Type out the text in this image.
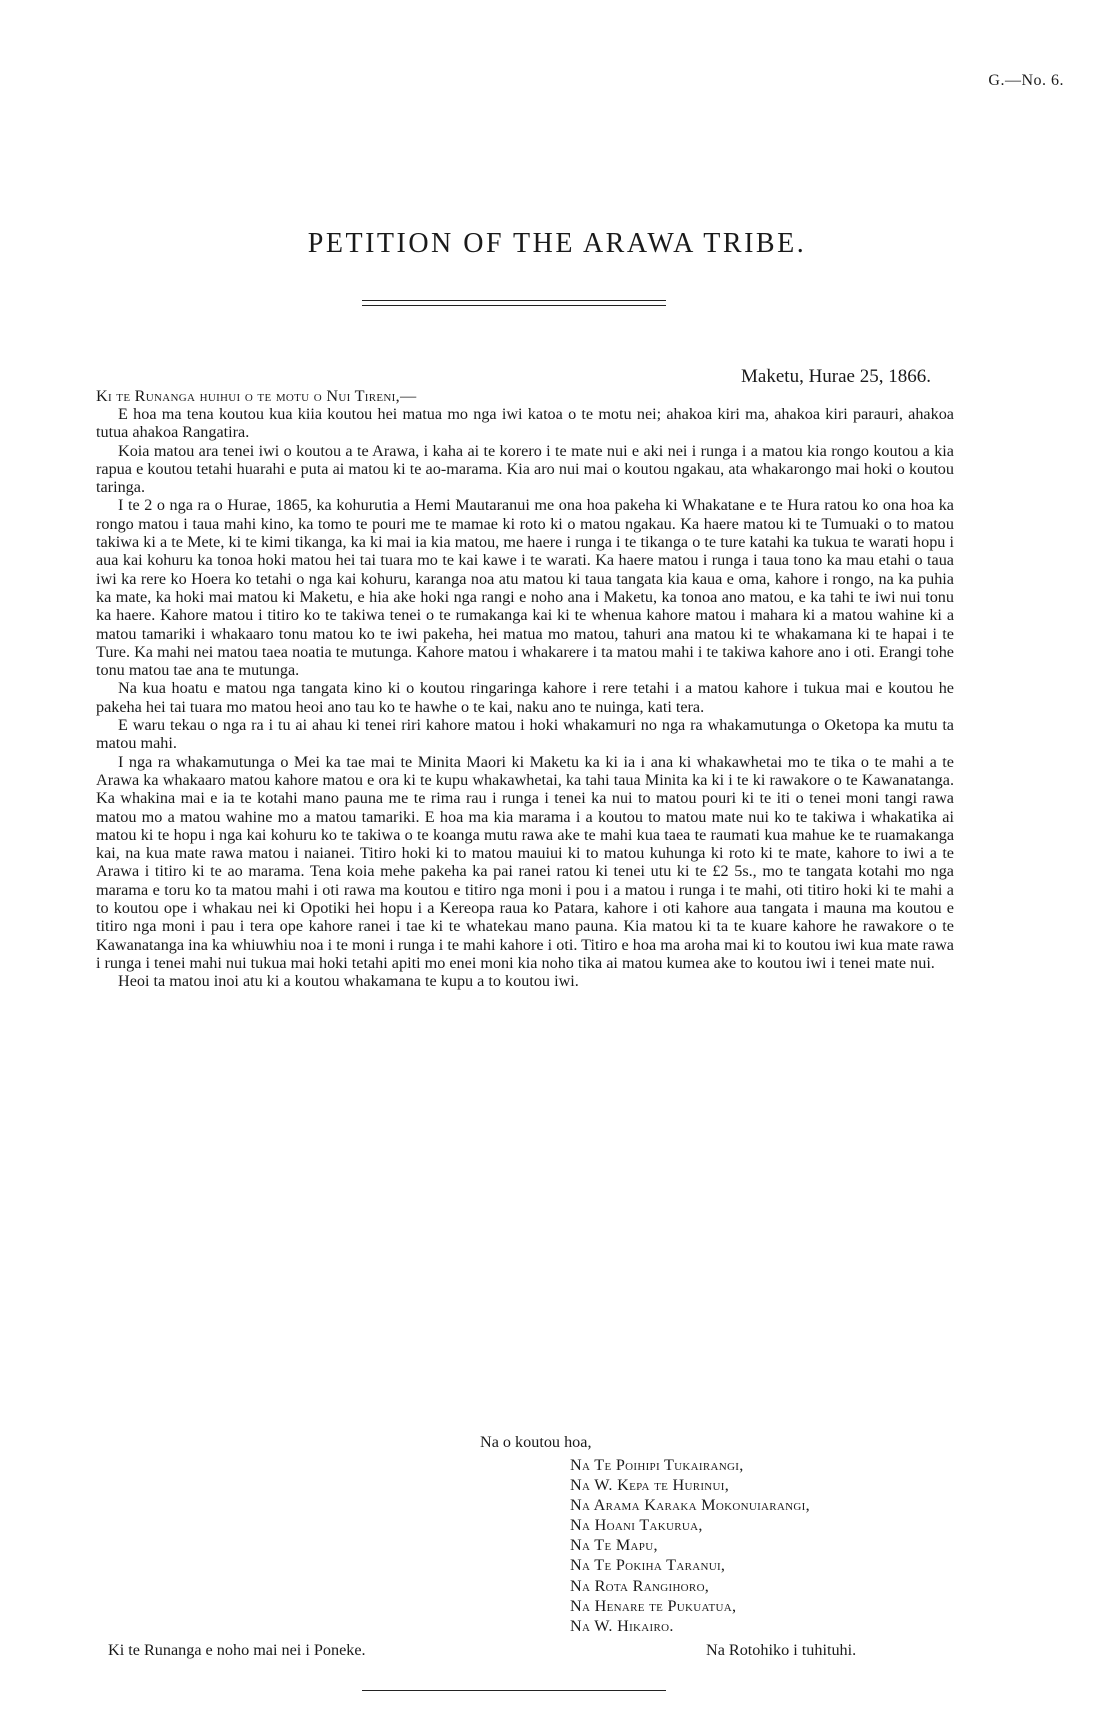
G.—No. 6.
PETITION OF THE ARAWA TRIBE.
Maketu, Hurae 25, 1866.
Ki te Runanga huihui o te motu o Nui Tireni,—

E hoa ma tena koutou kua kiia koutou hei matua mo nga iwi katoa o te motu nei; ahakoa kiri ma, ahakoa kiri parauri, ahakoa tutua ahakoa Rangatira.

Koia matou ara tenei iwi o koutou a te Arawa, i kaha ai te korero i te mate nui e aki nei i runga i a matou kia rongo koutou a kia rapua e koutou tetahi huarahi e puta ai matou ki te ao-marama. Kia aro nui mai o koutou ngakau, ata whakarongo mai hoki o koutou taringa.

I te 2 o nga ra o Hurae, 1865, ka kohurutia a Hemi Mautaranui me ona hoa pakeha ki Whakatane e te Hura ratou ko ona hoa ka rongo matou i taua mahi kino, ka tomo te pouri me te mamae ki roto ki o matou ngakau. Ka haere matou ki te Tumuaki o to matou takiwa ki a te Mete, ki te kimi tikanga, ka ki mai ia kia matou, me haere i runga i te tikanga o te ture katahi ka tukua te warati hopu i aua kai kohuru ka tonoa hoki matou hei tai tuara mo te kai kawe i te warati. Ka haere matou i runga i taua tono ka mau etahi o taua iwi ka rere ko Hoera ko tetahi o nga kai kohuru, karanga noa atu matou ki taua tangata kia kaua e oma, kahore i rongo, na ka puhia ka mate, ka hoki mai matou ki Maketu, e hia ake hoki nga rangi e noho ana i Maketu, ka tonoa ano matou, e ka tahi te iwi nui tonu ka haere. Kahore matou i titiro ko te takiwa tenei o te rumakanga kai ki te whenua kahore matou i mahara ki a matou wahine ki a matou tamariki i whakaaro tonu matou ko te iwi pakeha, hei matua mo matou, tahuri ana matou ki te whakamana ki te hapai i te Ture. Ka mahi nei matou taea noatia te mutunga. Kahore matou i whakarere i ta matou mahi i te takiwa kahore ano i oti. Erangi tohe tonu matou tae ana te mutunga.

Na kua hoatu e matou nga tangata kino ki o koutou ringaringa kahore i rere tetahi i a matou kahore i tukua mai e koutou he pakeha hei tai tuara mo matou heoi ano tau ko te hawhe o te kai, naku ano te nuinga, kati tera.

E waru tekau o nga ra i tu ai ahau ki tenei riri kahore matou i hoki whakamuri no nga ra whakamutunga o Oketopa ka mutu ta matou mahi.

I nga ra whakamutunga o Mei ka tae mai te Minita Maori ki Maketu ka ki ia i ana ki whakawhetai mo te tika o te mahi a te Arawa ka whakaaro matou kahore matou e ora ki te kupu whakawhetai, ka tahi taua Minita ka ki i te ki rawakore o te Kawanatanga. Ka whakina mai e ia te kotahi mano pauna me te rima rau i runga i tenei ka nui to matou pouri ki te iti o tenei moni tangi rawa matou mo a matou wahine mo a matou tamariki. E hoa ma kia marama i a koutou to matou mate nui ko te takiwa i whakatika ai matou ki te hopu i nga kai kohuru ko te takiwa o te koanga mutu rawa ake te mahi kua taea te raumati kua mahue ke te ruamakanga kai, na kua mate rawa matou i naianei. Titiro hoki ki to matou mauiui ki to matou kuhunga ki roto ki te mate, kahore to iwi a te Arawa i titiro ki te ao marama. Tena koia mehe pakeha ka pai ranei ratou ki tenei utu ki te £2 5s., mo te tangata kotahi mo nga marama e toru ko ta matou mahi i oti rawa ma koutou e titiro nga moni i pou i a matou i runga i te mahi, oti titiro hoki ki te mahi a to koutou ope i whakau nei ki Opotiki hei hopu i a Kereopa raua ko Patara, kahore i oti kahore aua tangata i mauna ma koutou e titiro nga moni i pau i tera ope kahore ranei i tae ki te whatekau mano pauna. Kia matou ki ta te kuare kahore he rawakore o te Kawanatanga ina ka whiuwhiu noa i te moni i runga i te mahi kahore i oti. Titiro e hoa ma aroha mai ki to koutou iwi kua mate rawa i runga i tenei mahi nui tukua mai hoki tetahi apiti mo enei moni kia noho tika ai matou kumea ake to koutou iwi i tenei mate nui.

Heoi ta matou inoi atu ki a koutou whakamana te kupu a to koutou iwi.

Na o koutou hoa,
Na Te Poihipi Tukairangi,
Na W. Kepa te Hurinui,
Na Arama Karaka Mokonuiarangi,
Na Hoani Takurua,
Na Te Mapu,
Na Te Pokiha Taranui,
Na Rota Rangihoro,
Na Henare te Pukuatua,
Na W. Hikairo.
Ki te Runanga e noho mai nei i Poneke.	Na Rotohiko i tuhituhi.
